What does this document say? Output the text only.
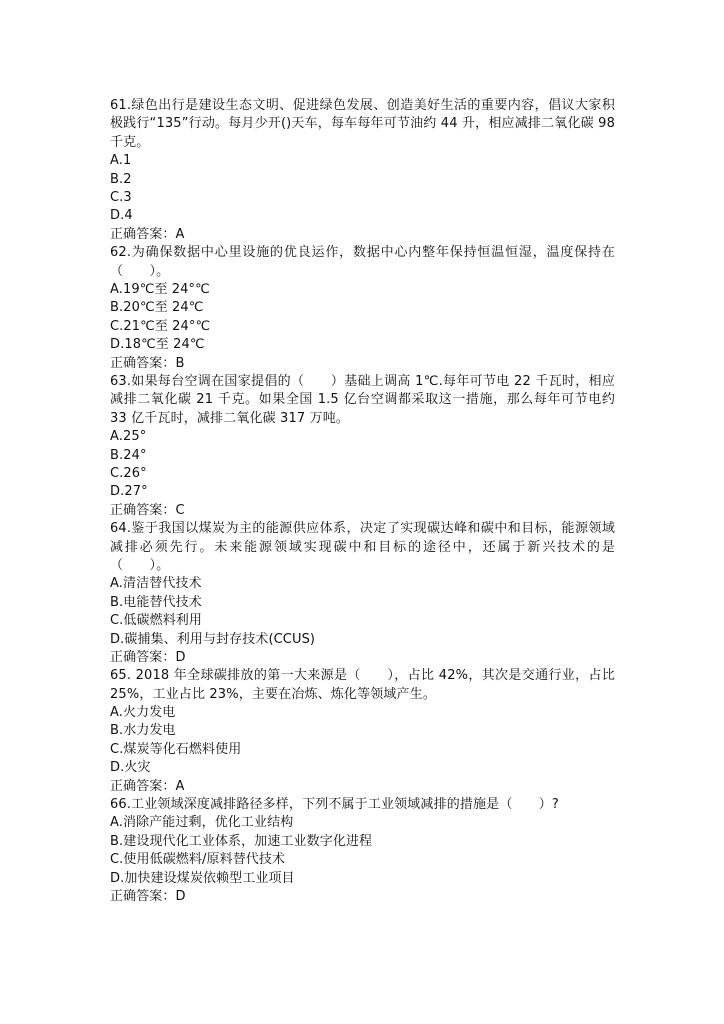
61.绿色出行是建设生态文明、促进绿色发展、创造美好生活的重要内容，倡议大家积极践行“135”行动。每月少开()天车，每车每年可节油约 44 升，相应减排二氧化碳 98 千克。
A.1
B.2
C.3
D.4
正确答案：A
62.为确保数据中心里设施的优良运作，数据中心内整年保持恒温恒湿，温度保持在（　　）。
A.19℃至 24°℃
B.20℃至 24℃
C.21℃至 24°℃
D.18℃至 24℃
正确答案：B
63.如果每台空调在国家提倡的（　　）基础上调高 1℃.每年可节电 22 千瓦时，相应减排二氧化碳 21 千克。如果全国 1.5 亿台空调都采取这一措施，那么每年可节电约 33 亿千瓦时，减排二氧化碳 317 万吨。
A.25°
B.24°
C.26°
D.27°
正确答案：C
64.鉴于我国以煤炭为主的能源供应体系，决定了实现碳达峰和碳中和目标，能源领域减排必须先行。未来能源领域实现碳中和目标的途径中，还属于新兴技术的是（　　）。
A.清洁替代技术
B.电能替代技术
C.低碳燃料利用
D.碳捕集、利用与封存技术(CCUS)
正确答案：D
65. 2018 年全球碳排放的第一大来源是（　　），占比 42%，其次是交通行业，占比 25%，工业占比 23%，主要在冶炼、炼化等领域产生。
A.火力发电
B.水力发电
C.煤炭等化石燃料使用
D.火灾
正确答案：A
66.工业领域深度减排路径多样，下列不属于工业领域减排的措施是（　　）?
A.消除产能过剩，优化工业结构
B.建设现代化工业体系，加速工业数字化进程
C.使用低碳燃料/原料替代技术
D.加快建设煤炭依赖型工业项目
正确答案：D
